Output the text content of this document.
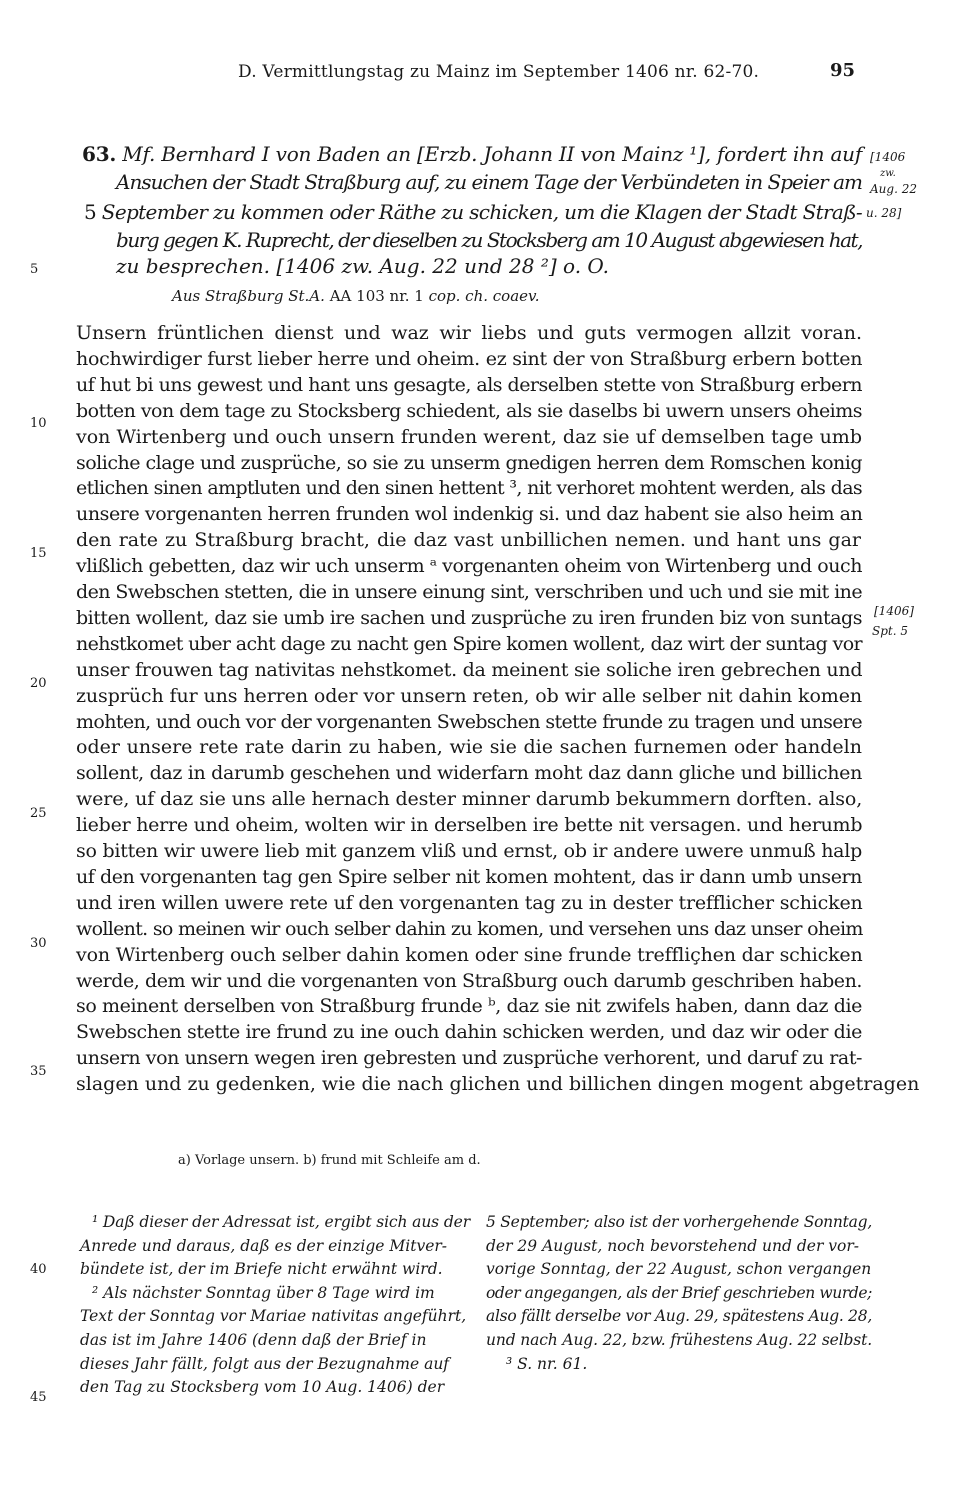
D. Vermittlungstag zu Mainz im September 1406 nr. 62-70.	95
63. Mf. Bernhard I von Baden an [Erzb. Johann II von Mainz ¹], fordert ihn auf
Ansuchen der Stadt Straßburg auf, zu einem Tage der Verbündeten in Speier am
5 September zu kommen oder Räthe zu schicken, um die Klagen der Stadt Straß-
burg gegen K. Ruprecht, der dieselben zu Stocksberg am 10 August abgewiesen hat,
zu besprechen. [1406 zw. Aug. 22 und 28 ²] o. O.
5
[1406
zw.
Aug. 22
u. 28]
Aus Straßburg St.A. AA 103 nr. 1 cop. ch. coaev.
Unsern früntlichen dienst und waz wir liebs und guts vermogen allzit voran.
hochwirdiger furst lieber herre und oheim. ez sint der von Straßburg erbern botten
uf hut bi uns gewest und hant uns gesagte, als derselben stette von Straßburg erbern
botten von dem tage zu Stocksberg schiedent, als sie daselbs bi uwern unsers oheims
von Wirtenberg und ouch unsern frunden werent, daz sie uf demselben tage umb
soliche clage und zusprüche, so sie zu unserm gnedigen herren dem Romschen konig
etlichen sinen amptluten und den sinen hettent ³, nit verhoret mohtent werden, als das
unsere vorgenanten herren frunden wol indenkig si. und daz habent sie also heim an
den rate zu Straßburg bracht, die daz vast unbillichen nemen. und hant uns gar
vlißlich gebetten, daz wir uch unserm ᵃ vorgenanten oheim von Wirtenberg und ouch
den Swebschen stetten, die in unsere einung sint, verschriben und uch und sie mit ine
bitten wollent, daz sie umb ire sachen und zusprüche zu iren frunden biz von suntags
nehstkomet uber acht dage zu nacht gen Spire komen wollent, daz wirt der suntag vor
unser frouwen tag nativitas nehstkomet. da meinent sie soliche iren gebrechen und
zusprüch fur uns herren oder vor unsern reten, ob wir alle selber nit dahin komen
mohten, und ouch vor der vorgenanten Swebschen stette frunde zu tragen und unsere
oder unsere rete rate darin zu haben, wie sie die sachen furnemen oder handeln
sollent, daz in darumb geschehen und widerfarn moht daz dann gliche und billichen
were, uf daz sie uns alle hernach dester minner darumb bekummern dorften. also,
lieber herre und oheim, wolten wir in derselben ire bette nit versagen. und herumb
so bitten wir uwere lieb mit ganzem vliß und ernst, ob ir andere uwere unmuß halp
uf den vorgenanten tag gen Spire selber nit komen mohtent, das ir dann umb unsern
und iren willen uwere rete uf den vorgenanten tag zu in dester trefflicher schicken
wollent. so meinen wir ouch selber dahin zu komen, und versehen uns daz unser oheim
von Wirtenberg ouch selber dahin komen oder sine frunde treffliçhen dar schicken
werde, dem wir und die vorgenanten von Straßburg ouch darumb geschriben haben.
so meinent derselben von Straßburg frunde ᵇ, daz sie nit zwifels haben, dann daz die
Swebschen stette ire frund zu ine ouch dahin schicken werden, und daz wir oder die
unsern von unsern wegen iren gebresten und zusprüche verhorent, und daruf zu rat-
slagen und zu gedenken, wie die nach glichen und billichen dingen mogent abgetragen
10
15
20
25
30
35
[1406]
Spt. 5
a) Vorlage unsern. b) frund mit Schleife am d.
¹ Daß dieser der Adressat ist, ergibt sich aus der
Anrede und daraus, daß es der einzige Mitver-
bündete ist, der im Briefe nicht erwähnt wird.
² Als nächster Sonntag über 8 Tage wird im
Text der Sonntag vor Mariae nativitas angeführt,
das ist im Jahre 1406 (denn daß der Brief in
dieses Jahr fällt, folgt aus der Bezugnahme auf
den Tag zu Stocksberg vom 10 Aug. 1406) der
5 September; also ist der vorhergehende Sonntag,
der 29 August, noch bevorstehend und der vor-
vorige Sonntag, der 22 August, schon vergangen
oder angegangen, als der Brief geschrieben wurde;
also fällt derselbe vor Aug. 29, spätestens Aug. 28,
und nach Aug. 22, bzw. frühestens Aug. 22 selbst.
³ S. nr. 61.
40
45
